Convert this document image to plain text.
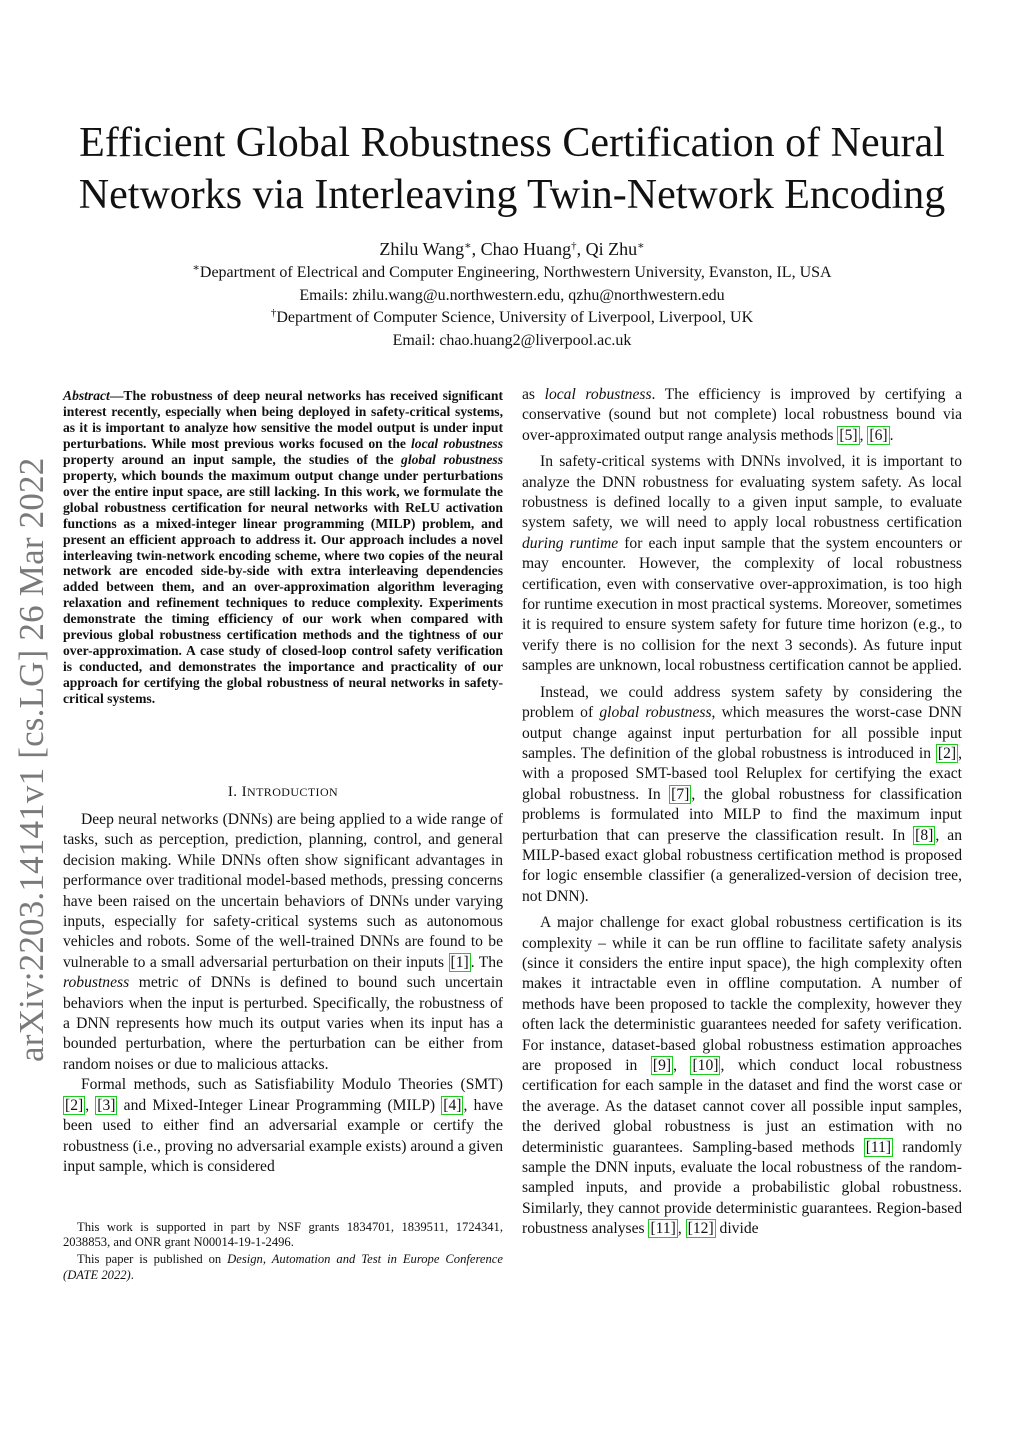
Efficient Global Robustness Certification of Neural
Networks via Interleaving Twin-Network Encoding
Zhilu Wang∗, Chao Huang†, Qi Zhu∗
∗Department of Electrical and Computer Engineering, Northwestern University, Evanston, IL, USA
Emails: zhilu.wang@u.northwestern.edu, qzhu@northwestern.edu
†Department of Computer Science, University of Liverpool, Liverpool, UK
Email: chao.huang2@liverpool.ac.uk
arXiv:2203.14141v1 [cs.LG] 26 Mar 2022
Abstract—The robustness of deep neural networks has received significant interest recently, especially when being deployed in safety-critical systems, as it is important to analyze how sensitive the model output is under input perturbations. While most previous works focused on the local robustness property around an input sample, the studies of the global robustness property, which bounds the maximum output change under perturbations over the entire input space, are still lacking. In this work, we formulate the global robustness certification for neural networks with ReLU activation functions as a mixed-integer linear programming (MILP) problem, and present an efficient approach to address it. Our approach includes a novel interleaving twin-network encoding scheme, where two copies of the neural network are encoded side-by-side with extra interleaving dependencies added between them, and an over-approximation algorithm leveraging relaxation and refinement techniques to reduce complexity. Experiments demonstrate the timing efficiency of our work when compared with previous global robustness certification methods and the tightness of our over-approximation. A case study of closed-loop control safety verification is conducted, and demonstrates the importance and practicality of our approach for certifying the global robustness of neural networks in safety-critical systems.
I. INTRODUCTION

Deep neural networks (DNNs) are being applied to a wide range of tasks, such as perception, prediction, planning, control, and general decision making. While DNNs often show significant advantages in performance over traditional model-based methods, pressing concerns have been raised on the uncertain behaviors of DNNs under varying inputs, especially for safety-critical systems such as autonomous vehicles and robots. Some of the well-trained DNNs are found to be vulnerable to a small adversarial perturbation on their inputs [1] . The robustness metric of DNNs is defined to bound such uncertain behaviors when the input is perturbed. Specifically, the robustness of a DNN represents how much its output varies when its input has a bounded perturbation, where the perturbation can be either from random noises or due to malicious attacks.

Formal methods, such as Satisfiability Modulo Theories (SMT) [2] , [3] and Mixed-Integer Linear Programming (MILP) [4] , have been used to either find an adversarial example or certify the robustness (i.e., proving no adversarial example exists) around a given input sample, which is considered

This work is supported in part by NSF grants 1834701, 1839511, 1724341, 2038853, and ONR grant N00014-19-1-2496.

This paper is published on Design, Automation and Test in Europe Conference (DATE 2022).

as local robustness. The efficiency is improved by certifying a conservative (sound but not complete) local robustness bound via over-approximated output range analysis methods [5] , [6] .

In safety-critical systems with DNNs involved, it is important to analyze the DNN robustness for evaluating system safety. As local robustness is defined locally to a given input sample, to evaluate system safety, we will need to apply local robustness certification during runtime for each input sample that the system encounters or may encounter. However, the complexity of local robustness certification, even with conservative over-approximation, is too high for runtime execution in most practical systems. Moreover, sometimes it is required to ensure system safety for future time horizon (e.g., to verify there is no collision for the next 3 seconds). As future input samples are unknown, local robustness certification cannot be applied.

Instead, we could address system safety by considering the problem of global robustness, which measures the worst-case DNN output change against input perturbation for all possible input samples. The definition of the global robustness is introduced in [2] , with a proposed SMT-based tool Reluplex for certifying the exact global robustness. In [7] , the global robustness for classification problems is formulated into MILP to find the maximum input perturbation that can preserve the classification result. In [8] , an MILP-based exact global robustness certification method is proposed for logic ensemble classifier (a generalized-version of decision tree, not DNN).

A major challenge for exact global robustness certification is its complexity – while it can be run offline to facilitate safety analysis (since it considers the entire input space), the high complexity often makes it intractable even in offline computation. A number of methods have been proposed to tackle the complexity, however they often lack the deterministic guarantees needed for safety verification. For instance, dataset-based global robustness estimation approaches are proposed in [9] , [10] , which conduct local robustness certification for each sample in the dataset and find the worst case or the average. As the dataset cannot cover all possible input samples, the derived global robustness is just an estimation with no deterministic guarantees. Sampling-based methods [11] randomly sample the DNN inputs, evaluate the local robustness of the random-sampled inputs, and provide a probabilistic global robustness. Similarly, they cannot provide deterministic guarantees. Region-based robustness analyses [11] , [12] divide
